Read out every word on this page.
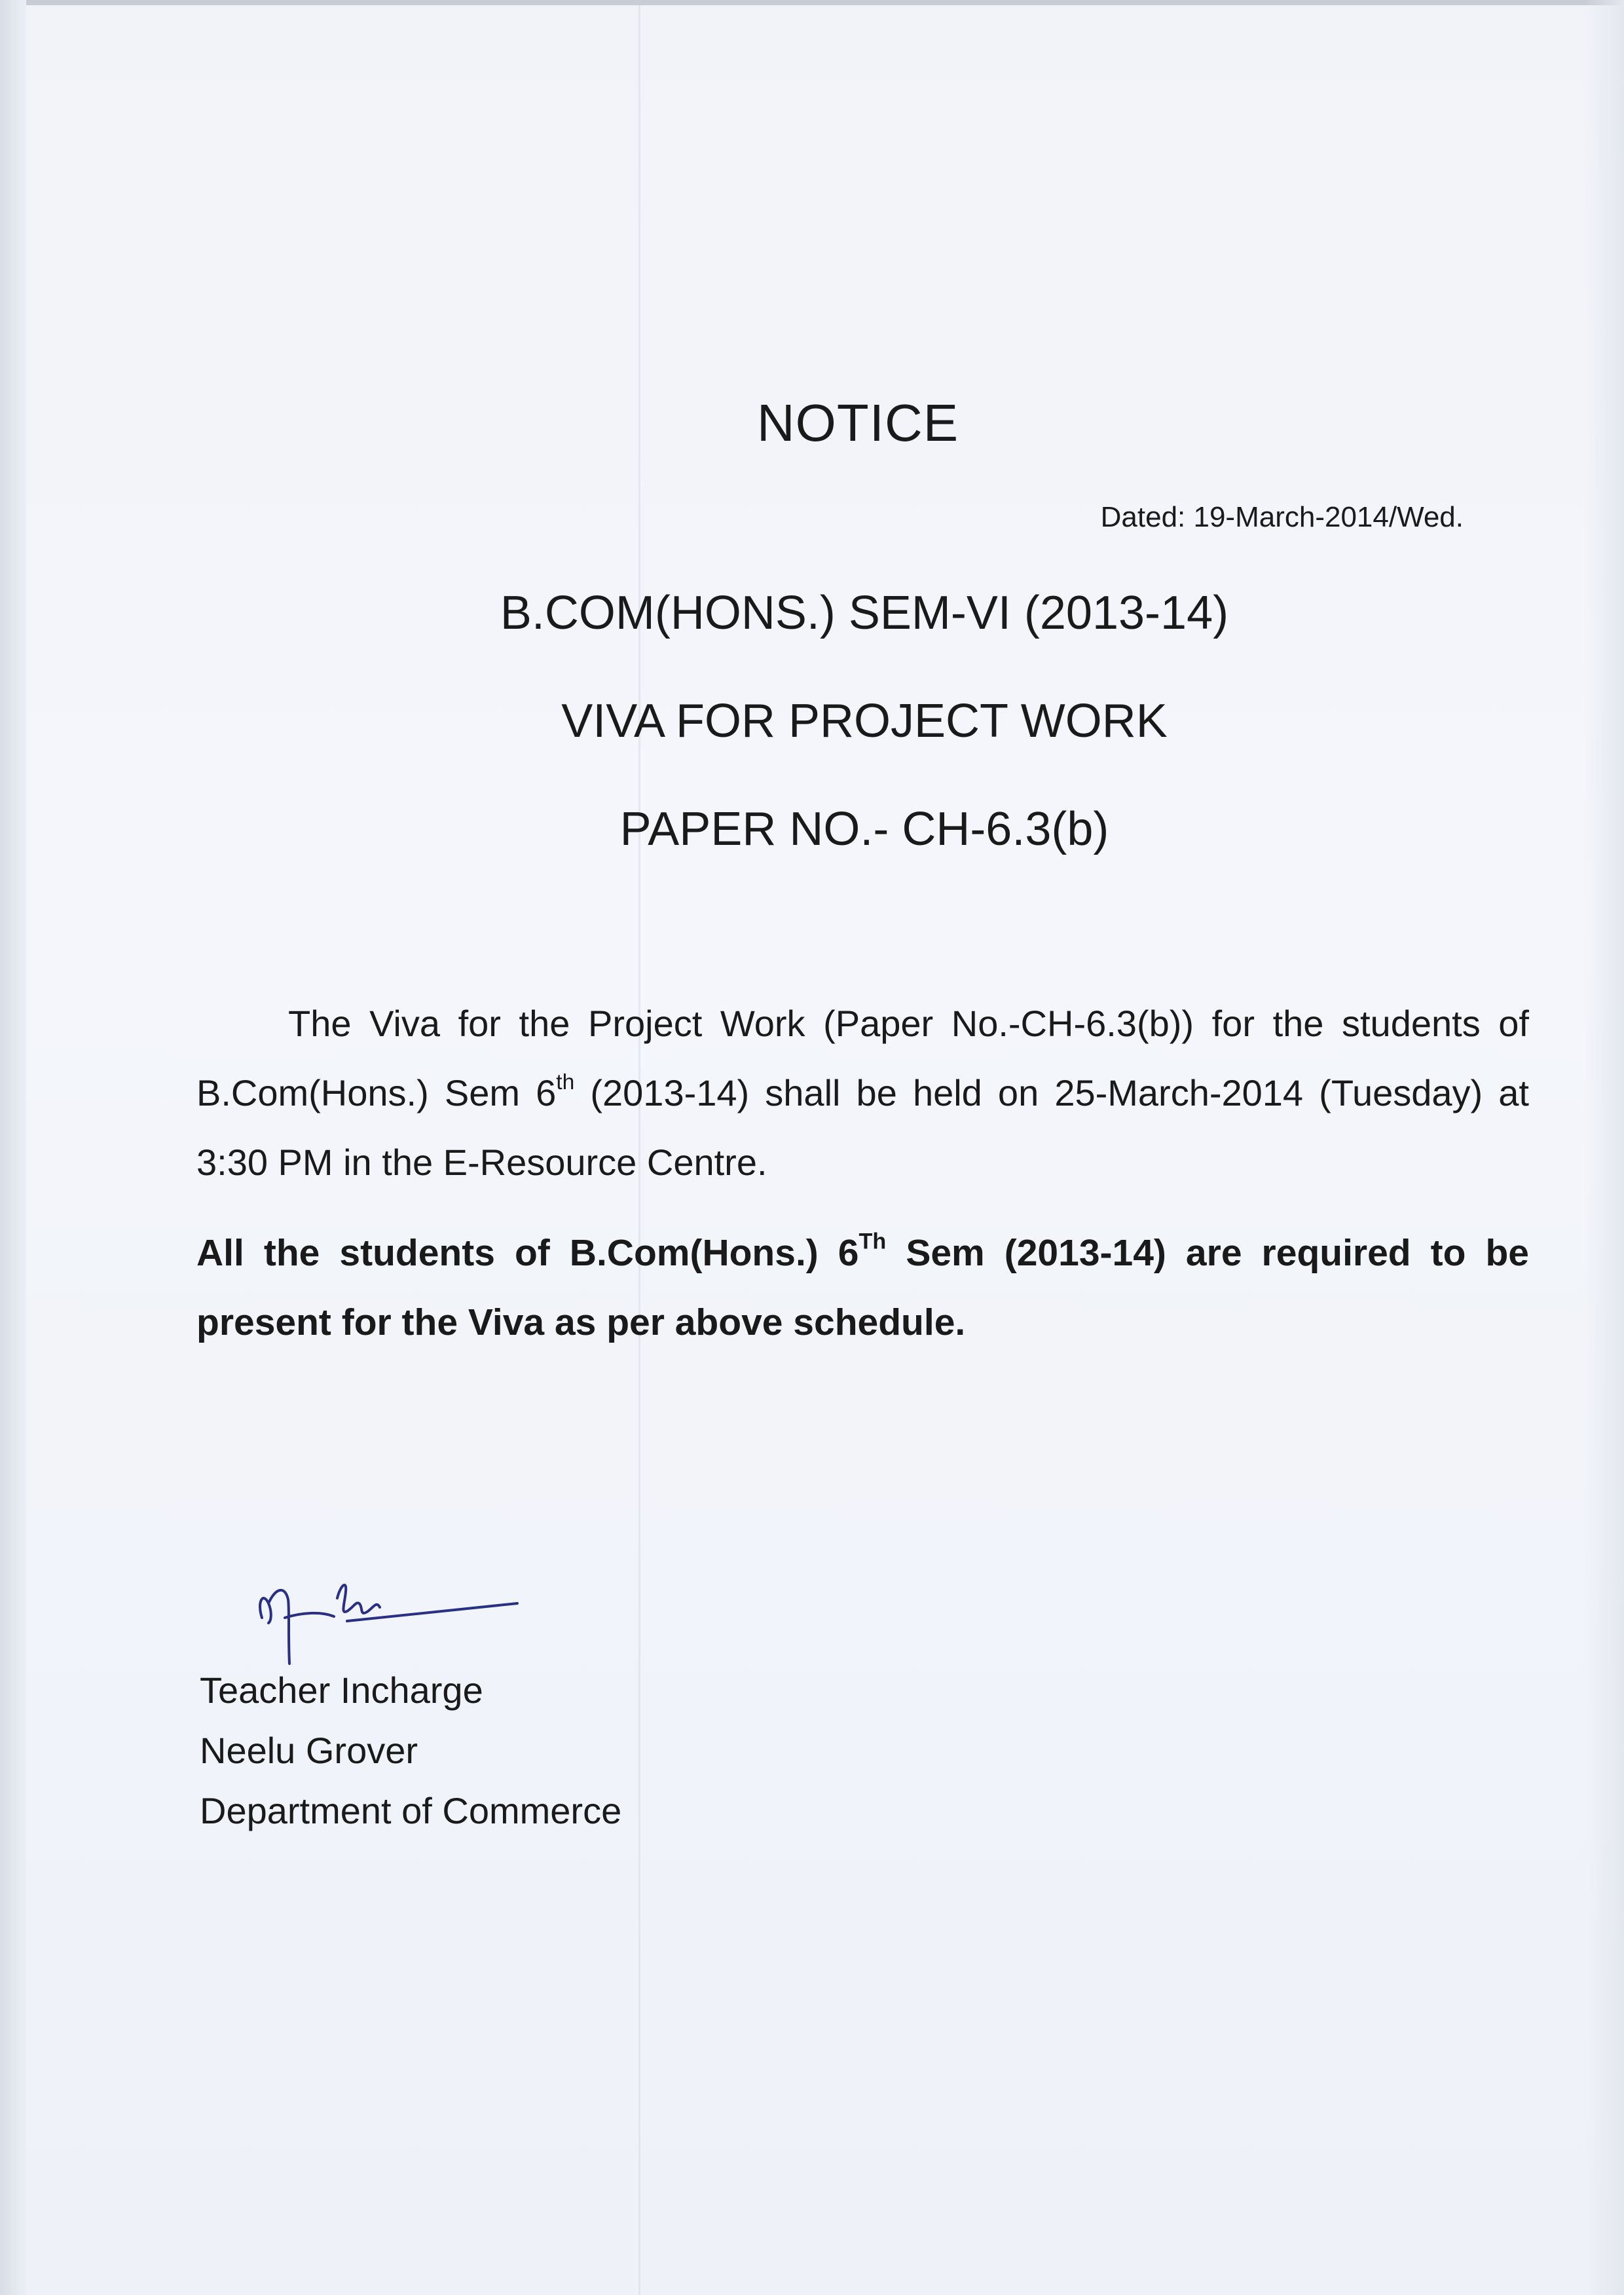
NOTICE
Dated: 19-March-2014/Wed.
B.COM(HONS.) SEM-VI (2013-14)
VIVA FOR PROJECT WORK
PAPER NO.- CH-6.3(b)
The Viva for the Project Work (Paper No.-CH-6.3(b)) for the students of B.Com(Hons.) Sem 6th (2013-14) shall be held on 25-March-2014 (Tuesday) at 3:30 PM in the E-Resource Centre.
All the students of B.Com(Hons.) 6Th Sem (2013-14) are required to be present for the Viva as per above schedule.
Teacher Incharge
Neelu Grover
Department of Commerce
